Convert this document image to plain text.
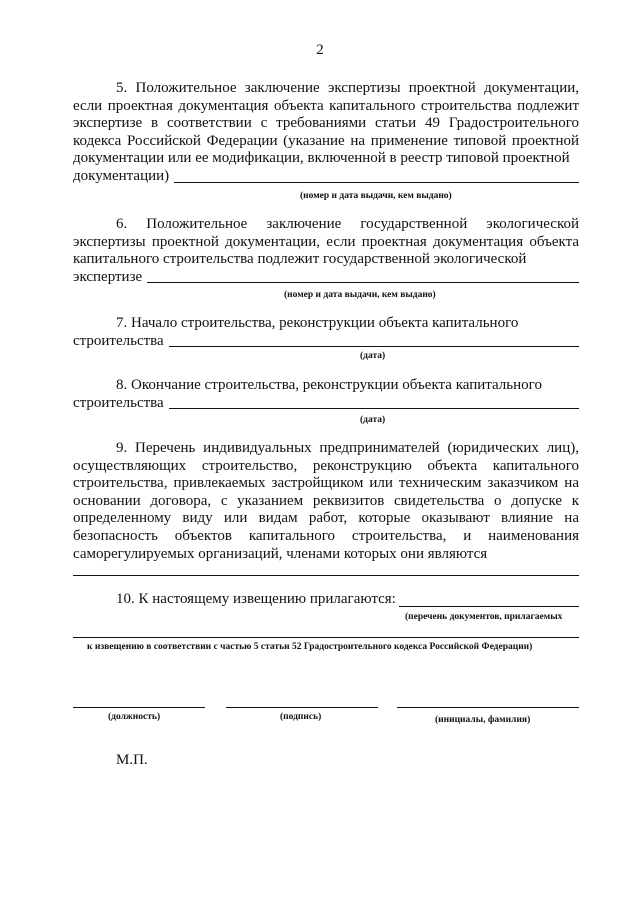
2
5. Положительное заключение экспертизы проектной документации, если проектная документация объекта капитального строительства подлежит экспертизе в соответствии с требованиями статьи 49 Градостроительного кодекса Российской Федерации (указание на применение типовой проектной документации или ее модификации, включенной в реестр типовой проектной
документации)
(номер и дата выдачи, кем выдано)
6. Положительное заключение государственной экологической экспертизы проектной документации, если проектная документация объекта капитального строительства подлежит государственной экологической
экспертизе
(номер и дата выдачи, кем выдано)
7. Начало строительства, реконструкции объекта капитального
строительства
(дата)
8. Окончание строительства, реконструкции объекта капитального
строительства
(дата)
9. Перечень индивидуальных предпринимателей (юридических лиц), осуществляющих строительство, реконструкцию объекта капитального строительства, привлекаемых застройщиком или техническим заказчиком на основании договора, с указанием реквизитов свидетельства о допуске к определенному виду или видам работ, которые оказывают влияние на безопасность объектов капитального строительства, и наименования саморегулируемых организаций, членами которых они являются
10. К настоящему извещению прилагаются:
(перечень документов, прилагаемых
к извещению в соответствии с частью 5 статьи 52 Градостроительного кодекса Российской Федерации)
(должность)	(подпись)	(инициалы, фамилия)
М.П.
